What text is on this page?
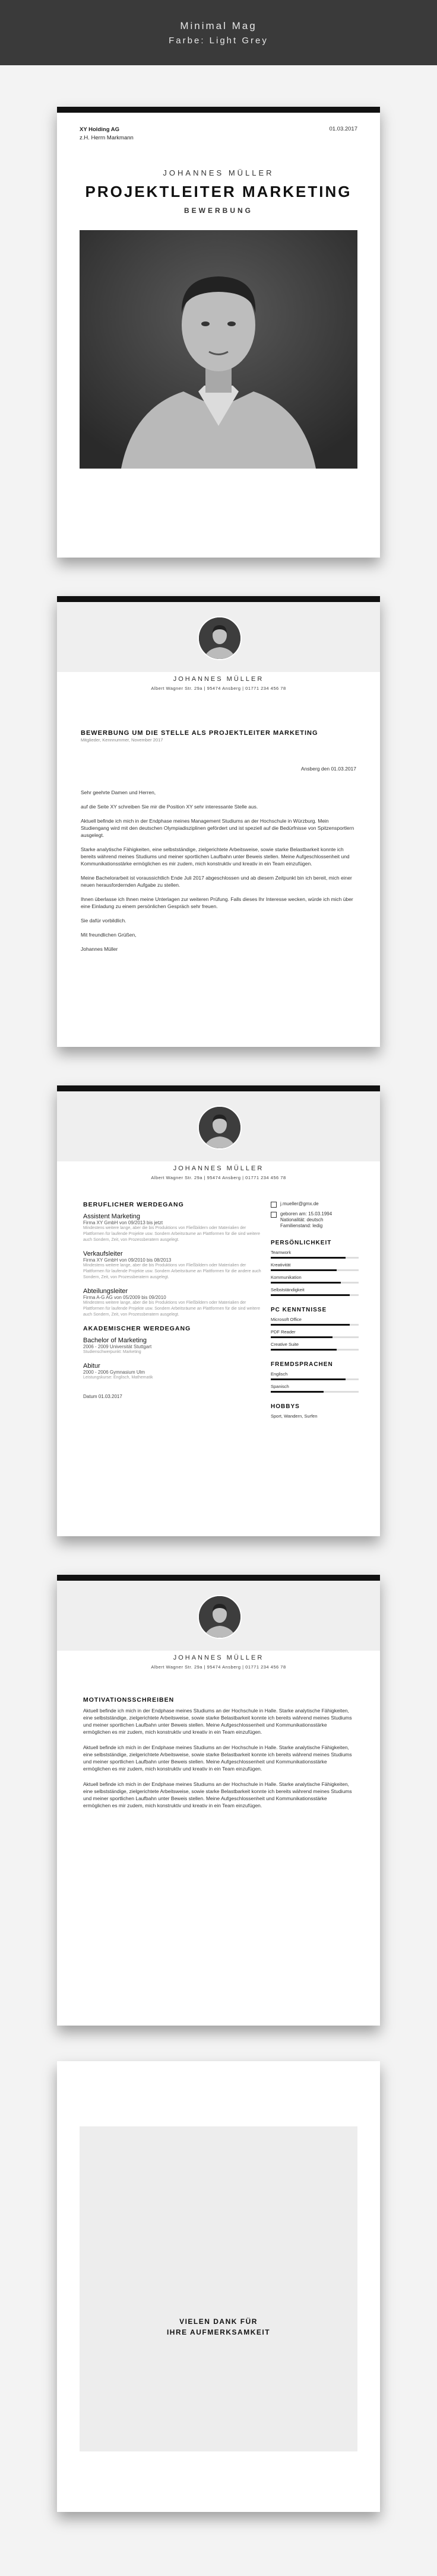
Minimal Mag
Farbe: Light Grey
XY Holding AG
z.H. Herrn Markmann
01.03.2017
JOHANNES MÜLLER
PROJEKTLEITER MARKETING
BEWERBUNG
JOHANNES MÜLLER
Albert Wagner Str. 29a | 95474 Ansberg | 01771 234 456 78
BEWERBUNG UM DIE STELLE ALS PROJEKTLEITER MARKETING
Mitglieder, Kennnummer, November 2017
Ansberg den 01.03.2017

Sehr geehrte Damen und Herren,

auf die Seite XY schreiben Sie mir die Position XY sehr interessante Stelle aus.

Aktuell befinde ich mich in der Endphase meines Management Studiums an der Hochschule in Würzburg. Mein Studiengang wird mit den deutschen Olympiadisziplinen gefördert und ist speziell auf die Bedürfnisse von Spitzensportlern ausgelegt.

Starke analytische Fähigkeiten, eine selbstständige, zielgerichtete Arbeitsweise, sowie starke Belastbarkeit konnte ich bereits während meines Studiums und meiner sportlichen Laufbahn unter Beweis stellen. Meine Aufgeschlossenheit und Kommunikationsstärke ermöglichen es mir zudem, mich konstruktiv und kreativ in ein Team einzufügen.

Meine Bachelorarbeit ist voraussichtlich Ende Juli 2017 abgeschlossen und ab diesem Zeitpunkt bin ich bereit, mich einer neuen herausfordernden Aufgabe zu stellen.

Ihnen überlasse ich Ihnen meine Unterlagen zur weiteren Prüfung. Falls dieses Ihr Interesse wecken, würde ich mich über eine Einladung zu einem persönlichen Gespräch sehr freuen.

Sie dafür vorbildlich.

Mit freundlichen Grüßen,

Johannes Müller

JOHANNES MÜLLER
Albert Wagner Str. 29a | 95474 Ansberg | 01771 234 456 78
BERUFLICHER WERDEGANG
Assistent Marketing
Firma XY GmbH von 09/2013 bis jetzt
Mindestens weitere lange, aber die bis Produktions von Fließbildern oder Materialien der Plattformen für laufende Projekte usw. Sondern Arbeitsräume an Plattformen für die sind weitere auch Sondern, Zeit, von Prozessberatern ausgelegt.
Verkaufsleiter
Firma XY GmbH von 09/2010 bis 08/2013
Mindestens weitere lange, aber die bis Produktions von Fließbildern oder Materialien der Plattformen für laufende Projekte usw. Sondern Arbeitsräume an Plattformen für die andere auch Sondern, Zeit, von Prozessberatern ausgelegt.
Abteilungsleiter
Firma A-G AG von 05/2009 bis 09/2010
Mindestens weitere lange, aber die bis Produktions von Fließbildern oder Materialien der Plattformen für laufende Projekte usw. Sondern Arbeitsräume an Plattformen für die sind weitere auch Sondern, Zeit, von Prozessberatern ausgelegt.
AKADEMISCHER WERDEGANG
Bachelor of Marketing
2006 - 2009 Universität Stuttgart
Studienschwerpunkt: Marketing
Abitur
2000 - 2006 Gymnasium Ulm
Leistungskurse: Englisch, Mathematik
Datum 01.03.2017
j.mueller@gmx.de
geboren am: 15.03.1994
Nationalität: deutsch
Familienstand: ledig
PERSÖNLICHKEIT
Teamwork
Kreativität
Kommunikation
Selbstständigkeit
PC KENNTNISSE
Microsoft Office
PDF Reader
Creative Suite
FREMDSPRACHEN
Englisch
Spanisch
HOBBYS
Sport, Wandern, Surfen
JOHANNES MÜLLER
Albert Wagner Str. 29a | 95474 Ansberg | 01771 234 456 78
MOTIVATIONSSCHREIBEN

Aktuell befinde ich mich in der Endphase meines Studiums an der Hochschule in Halle. Starke analytische Fähigkeiten, eine selbstständige, zielgerichtete Arbeitsweise, sowie starke Belastbarkeit konnte ich bereits während meines Studiums und meiner sportlichen Laufbahn unter Beweis stellen. Meine Aufgeschlossenheit und Kommunikationsstärke ermöglichen es mir zudem, mich konstruktiv und kreativ in ein Team einzufügen.

Aktuell befinde ich mich in der Endphase meines Studiums an der Hochschule in Halle. Starke analytische Fähigkeiten, eine selbstständige, zielgerichtete Arbeitsweise, sowie starke Belastbarkeit konnte ich bereits während meines Studiums und meiner sportlichen Laufbahn unter Beweis stellen. Meine Aufgeschlossenheit und Kommunikationsstärke ermöglichen es mir zudem, mich konstruktiv und kreativ in ein Team einzufügen.

Aktuell befinde ich mich in der Endphase meines Studiums an der Hochschule in Halle. Starke analytische Fähigkeiten, eine selbstständige, zielgerichtete Arbeitsweise, sowie starke Belastbarkeit konnte ich bereits während meines Studiums und meiner sportlichen Laufbahn unter Beweis stellen. Meine Aufgeschlossenheit und Kommunikationsstärke ermöglichen es mir zudem, mich konstruktiv und kreativ in ein Team einzufügen.

VIELEN DANK FÜR
IHRE AUFMERKSAMKEIT
